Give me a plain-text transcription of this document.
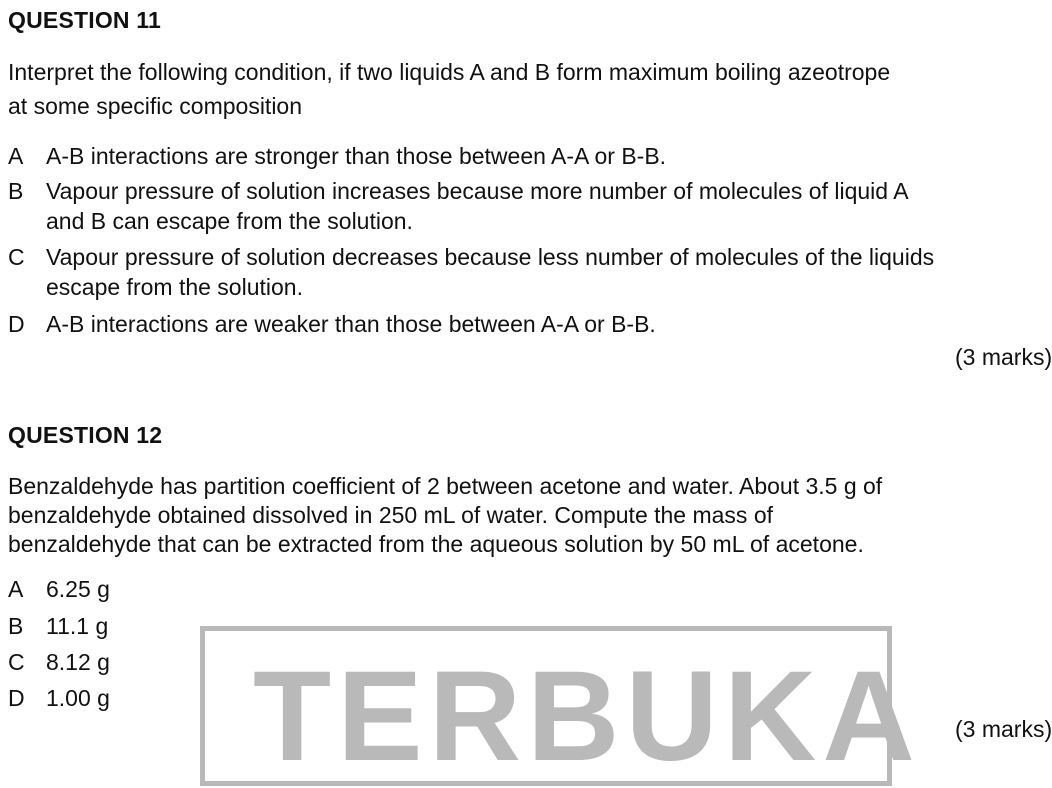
QUESTION 11
Interpret the following condition, if two liquids A and B form maximum boiling azeotrope
at some specific composition
A A-B interactions are stronger than those between A-A or B-B.
B Vapour pressure of solution increases because more number of molecules of liquid A
and B can escape from the solution.
C Vapour pressure of solution decreases because less number of molecules of the liquids
escape from the solution.
D A-B interactions are weaker than those between A-A or B-B.
(3 marks)
QUESTION 12
Benzaldehyde has partition coefficient of 2 between acetone and water. About 3.5 g of
benzaldehyde obtained dissolved in 250 mL of water. Compute the mass of
benzaldehyde that can be extracted from the aqueous solution by 50 mL of acetone.
A 6.25 g
B 11.1 g
C 8.12 g
D 1.00 g TERBUKA (3 marks)
